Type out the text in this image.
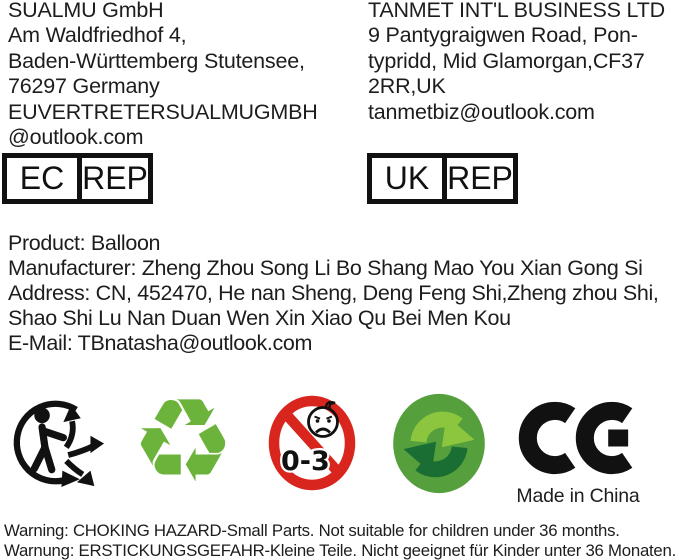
SUALMU GmbH
Am Waldfriedhof 4,
Baden-Württemberg Stutensee,
76297 Germany
EUVERTRETERSUALMUGMBH
@outlook.com
TANMET INT'L BUSINESS LTD
9 Pantygraigwen Road, Pon-
typridd, Mid Glamorgan,CF37
2RR,UK
tanmetbiz@outlook.com
EC REP	UK REP
Product: Balloon
Manufacturer: Zheng Zhou Song Li Bo Shang Mao You Xian Gong Si
Address: CN, 452470, He nan Sheng, Deng Feng Shi,Zheng zhou Shi,
Shao Shi Lu Nan Duan Wen Xin Xiao Qu Bei Men Kou
E-Mail: TBnatasha@outlook.com
♻ 0-3
Made in China
Warning: CHOKING HAZARD-Small Parts. Not suitable for children under 36 months.
Warnung: ERSTICKUNGSGEFAHR-Kleine Teile. Nicht geeignet für Kinder unter 36 Monaten.
